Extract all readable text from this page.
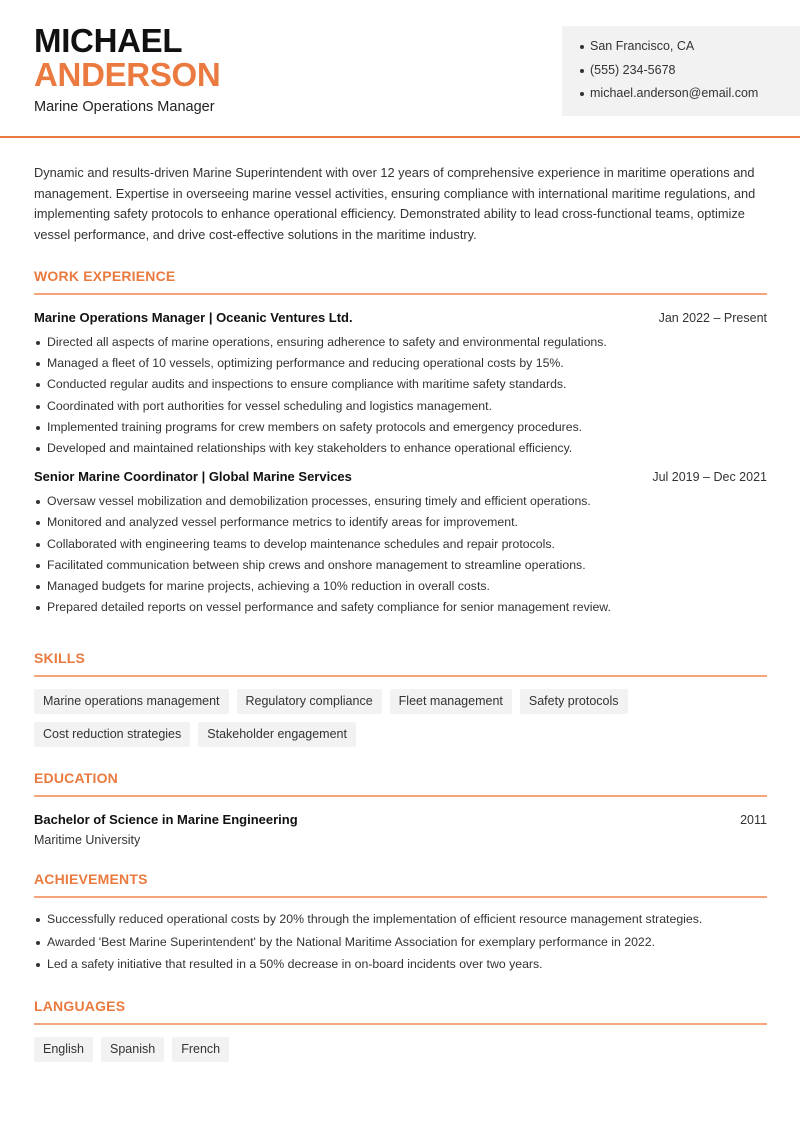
MICHAEL
ANDERSON
Marine Operations Manager
San Francisco, CA
(555) 234-5678
michael.anderson@email.com

Dynamic and results-driven Marine Superintendent with over 12 years of comprehensive experience in maritime operations and management. Expertise in overseeing marine vessel activities, ensuring compliance with international maritime regulations, and implementing safety protocols to enhance operational efficiency. Demonstrated ability to lead cross-functional teams, optimize vessel performance, and drive cost-effective solutions in the maritime industry.

WORK EXPERIENCE
Marine Operations Manager | Oceanic Ventures Ltd.	Jan 2022 – Present
Directed all aspects of marine operations, ensuring adherence to safety and environmental regulations.
Managed a fleet of 10 vessels, optimizing performance and reducing operational costs by 15%.
Conducted regular audits and inspections to ensure compliance with maritime safety standards.
Coordinated with port authorities for vessel scheduling and logistics management.
Implemented training programs for crew members on safety protocols and emergency procedures.
Developed and maintained relationships with key stakeholders to enhance operational efficiency.
Senior Marine Coordinator | Global Marine Services	Jul 2019 – Dec 2021
Oversaw vessel mobilization and demobilization processes, ensuring timely and efficient operations.
Monitored and analyzed vessel performance metrics to identify areas for improvement.
Collaborated with engineering teams to develop maintenance schedules and repair protocols.
Facilitated communication between ship crews and onshore management to streamline operations.
Managed budgets for marine projects, achieving a 10% reduction in overall costs.
Prepared detailed reports on vessel performance and safety compliance for senior management review.
SKILLS
Marine operations management	Regulatory compliance	Fleet management	Safety protocols
Cost reduction strategies	Stakeholder engagement
EDUCATION
Bachelor of Science in Marine Engineering	2011
Maritime University
ACHIEVEMENTS
Successfully reduced operational costs by 20% through the implementation of efficient resource management strategies.
Awarded 'Best Marine Superintendent' by the National Maritime Association for exemplary performance in 2022.
Led a safety initiative that resulted in a 50% decrease in on-board incidents over two years.
LANGUAGES
English	Spanish	French
